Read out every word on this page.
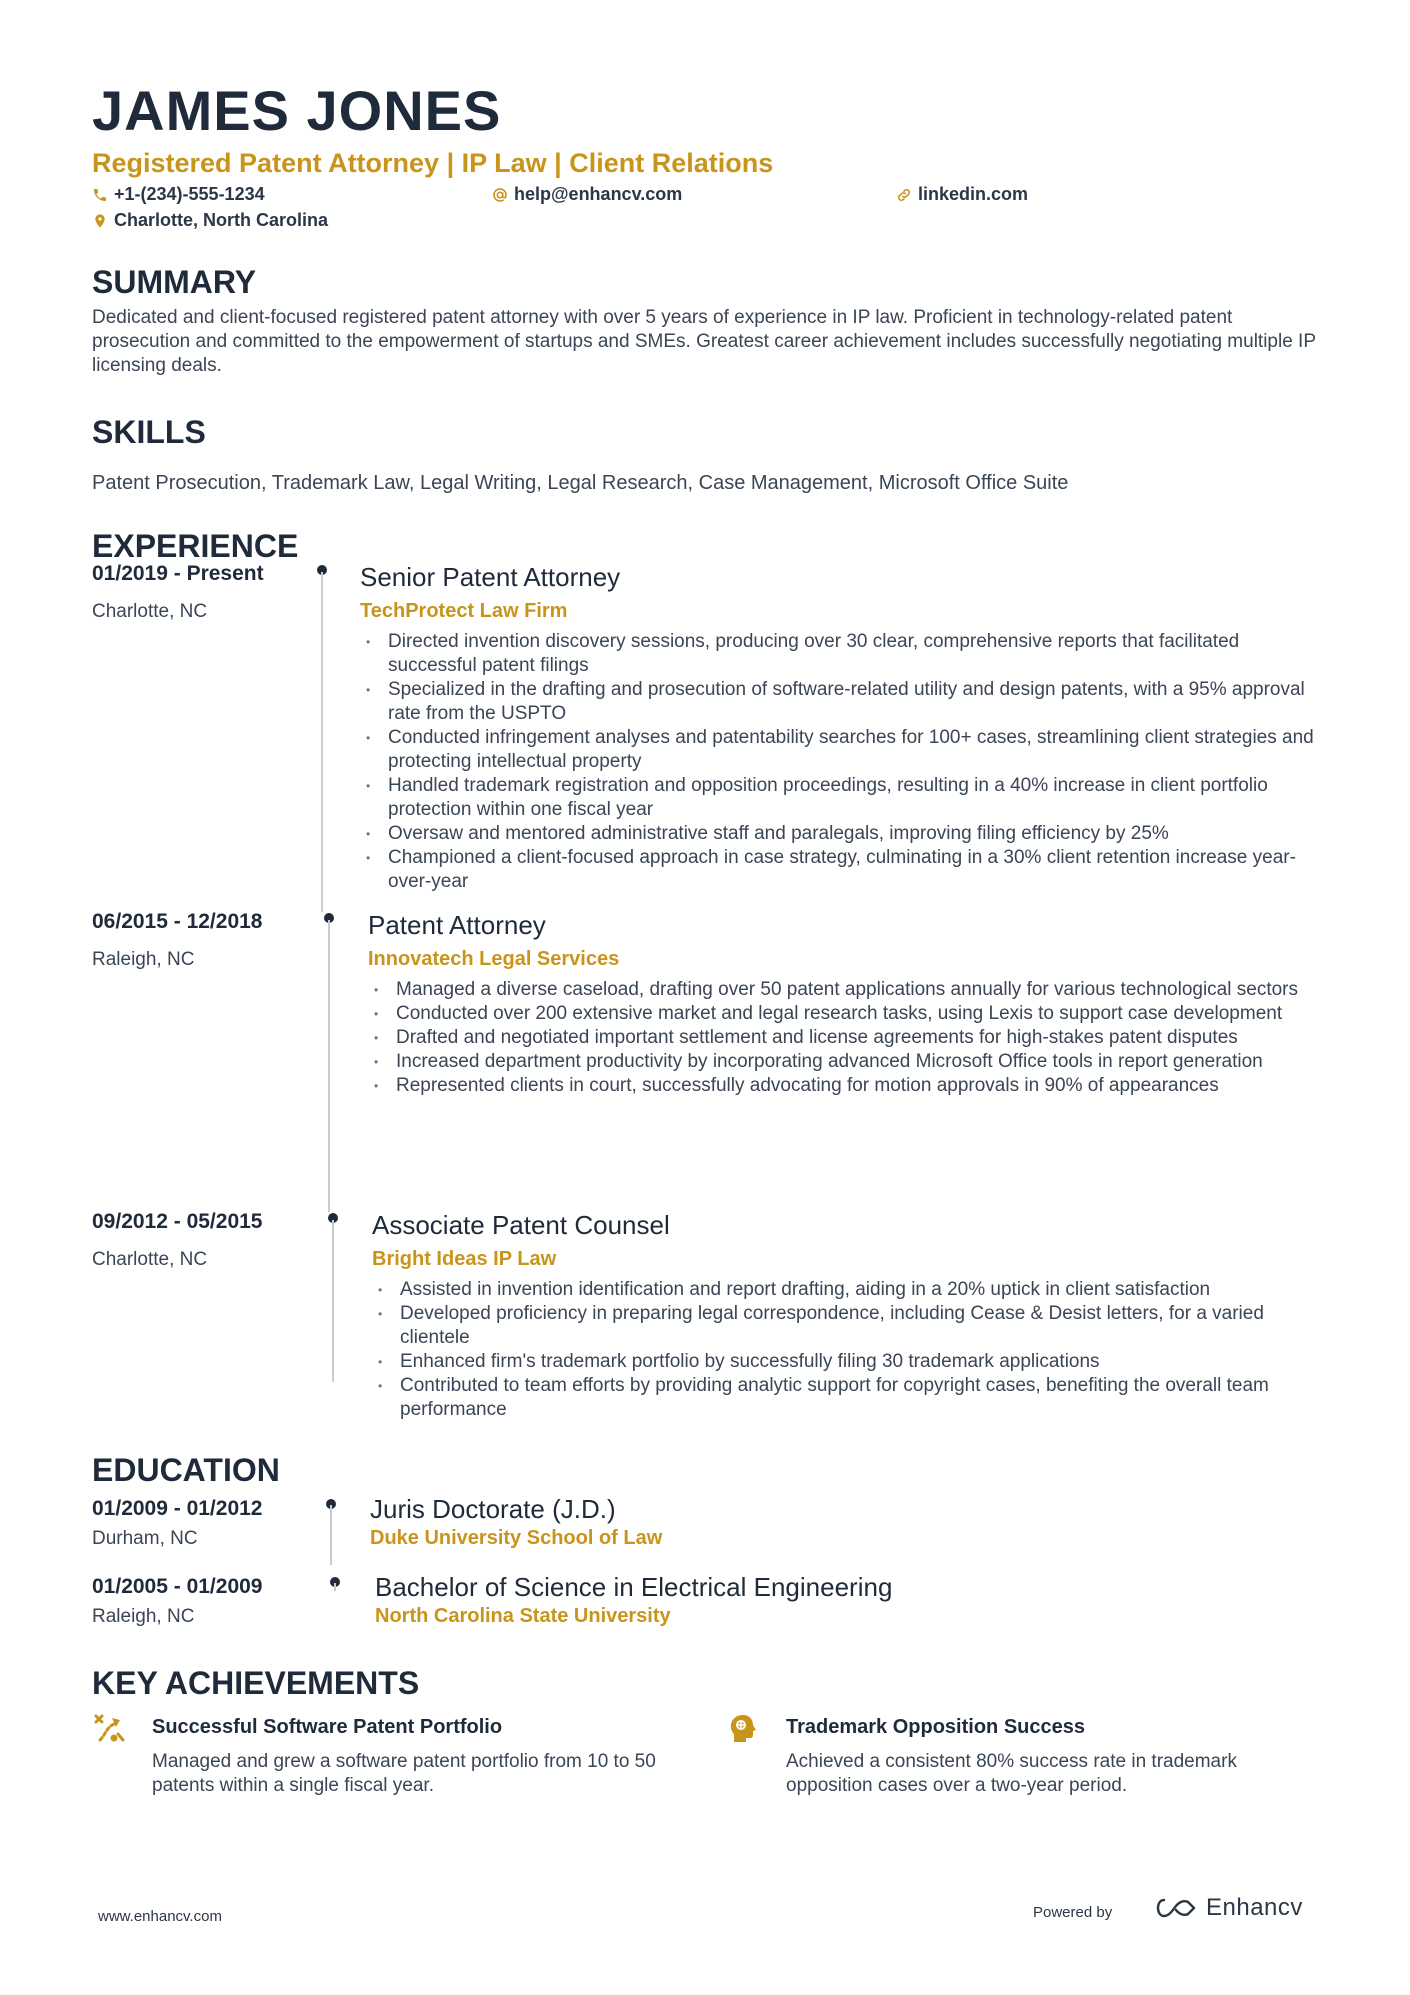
JAMES JONES
Registered Patent Attorney | IP Law | Client Relations
+1-(234)-555-1234	help@enhancv.com	linkedin.com
Charlotte, North Carolina
SUMMARY
Dedicated and client-focused registered patent attorney with over 5 years of experience in IP law. Proficient in technology-related patent prosecution and committed to the empowerment of startups and SMEs. Greatest career achievement includes successfully negotiating multiple IP licensing deals.
SKILLS
Patent Prosecution, Trademark Law, Legal Writing, Legal Research, Case Management, Microsoft Office Suite
EXPERIENCE
01/2019 - Present
Charlotte, NC
Senior Patent Attorney
TechProtect Law Firm
• Directed invention discovery sessions, producing over 30 clear, comprehensive reports that facilitated successful patent filings
• Specialized in the drafting and prosecution of software-related utility and design patents, with a 95% approval rate from the USPTO
• Conducted infringement analyses and patentability searches for 100+ cases, streamlining client strategies and protecting intellectual property
• Handled trademark registration and opposition proceedings, resulting in a 40% increase in client portfolio protection within one fiscal year
• Oversaw and mentored administrative staff and paralegals, improving filing efficiency by 25%
• Championed a client-focused approach in case strategy, culminating in a 30% client retention increase year-over-year
06/2015 - 12/2018
Raleigh, NC
Patent Attorney
Innovatech Legal Services
• Managed a diverse caseload, drafting over 50 patent applications annually for various technological sectors
• Conducted over 200 extensive market and legal research tasks, using Lexis to support case development
• Drafted and negotiated important settlement and license agreements for high-stakes patent disputes
• Increased department productivity by incorporating advanced Microsoft Office tools in report generation
• Represented clients in court, successfully advocating for motion approvals in 90% of appearances
09/2012 - 05/2015
Charlotte, NC
Associate Patent Counsel
Bright Ideas IP Law
• Assisted in invention identification and report drafting, aiding in a 20% uptick in client satisfaction
• Developed proficiency in preparing legal correspondence, including Cease & Desist letters, for a varied clientele
• Enhanced firm's trademark portfolio by successfully filing 30 trademark applications
• Contributed to team efforts by providing analytic support for copyright cases, benefiting the overall team performance
EDUCATION
01/2009 - 01/2012
Durham, NC
Juris Doctorate (J.D.)
Duke University School of Law
01/2005 - 01/2009
Raleigh, NC
Bachelor of Science in Electrical Engineering
North Carolina State University
KEY ACHIEVEMENTS
Successful Software Patent Portfolio
Managed and grew a software patent portfolio from 10 to 50 patents within a single fiscal year.
Trademark Opposition Success
Achieved a consistent 80% success rate in trademark opposition cases over a two-year period.
www.enhancv.com	Powered by	Enhancv
